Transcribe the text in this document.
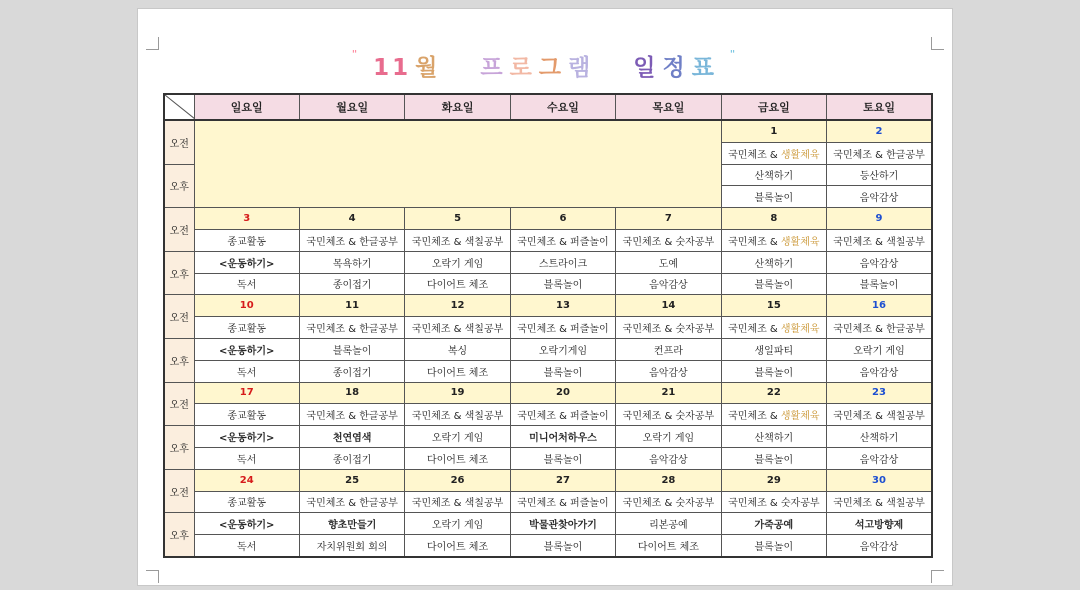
" 11 월 프 로 그 램 일 정 표 "
	일요일	월요일	화요일	수요일	목요일	금요일	토요일
오전						1	2
						국민체조 & 생활체육	국민체조 & 한글공부
오후						산책하기	등산하기
						블록놀이	음악감상
오전	3	4	5	6	7	8	9
	종교활동	국민체조 & 한글공부	국민체조 & 색칠공부	국민체조 & 퍼즐놀이	국민체조 & 숫자공부	국민체조 & 생활체육	국민체조 & 색칠공부
오후	<운동하기>	목욕하기	오락기 게임	스트라이크	도예	산책하기	음악감상
	독서	종이접기	다이어트 체조	블록놀이	음악감상	블록놀이	블록놀이
오전	10	11	12	13	14	15	16
	종교활동	국민체조 & 한글공부	국민체조 & 색칠공부	국민체조 & 퍼즐놀이	국민체조 & 숫자공부	국민체조 & 생활체육	국민체조 & 한글공부
오후	<운동하기>	블록놀이	복싱	오락기게임	컨프라	생일파티	오락기 게임
	독서	종이접기	다이어트 체조	블록놀이	음악감상	블록놀이	음악감상
오전	17	18	19	20	21	22	23
	종교활동	국민체조 & 한글공부	국민체조 & 색칠공부	국민체조 & 퍼즐놀이	국민체조 & 숫자공부	국민체조 & 생활체육	국민체조 & 색칠공부
오후	<운동하기>	천연염색	오락기 게임	미니어처하우스	오락기 게임	산책하기	산책하기
	독서	종이접기	다이어트 체조	블록놀이	음악감상	블록놀이	음악감상
오전	24	25	26	27	28	29	30
	종교활동	국민체조 & 한글공부	국민체조 & 색칠공부	국민체조 & 퍼즐놀이	국민체조 & 숫자공부	국민체조 & 숫자공부	국민체조 & 색칠공부
오후	<운동하기>	향초만들기	오락기 게임	박물관찾아가기	리본공예	가죽공예	석고방향제
	독서	자치위원회 회의	다이어트 체조	블록놀이	다이어트 체조	블록놀이	음악감상
